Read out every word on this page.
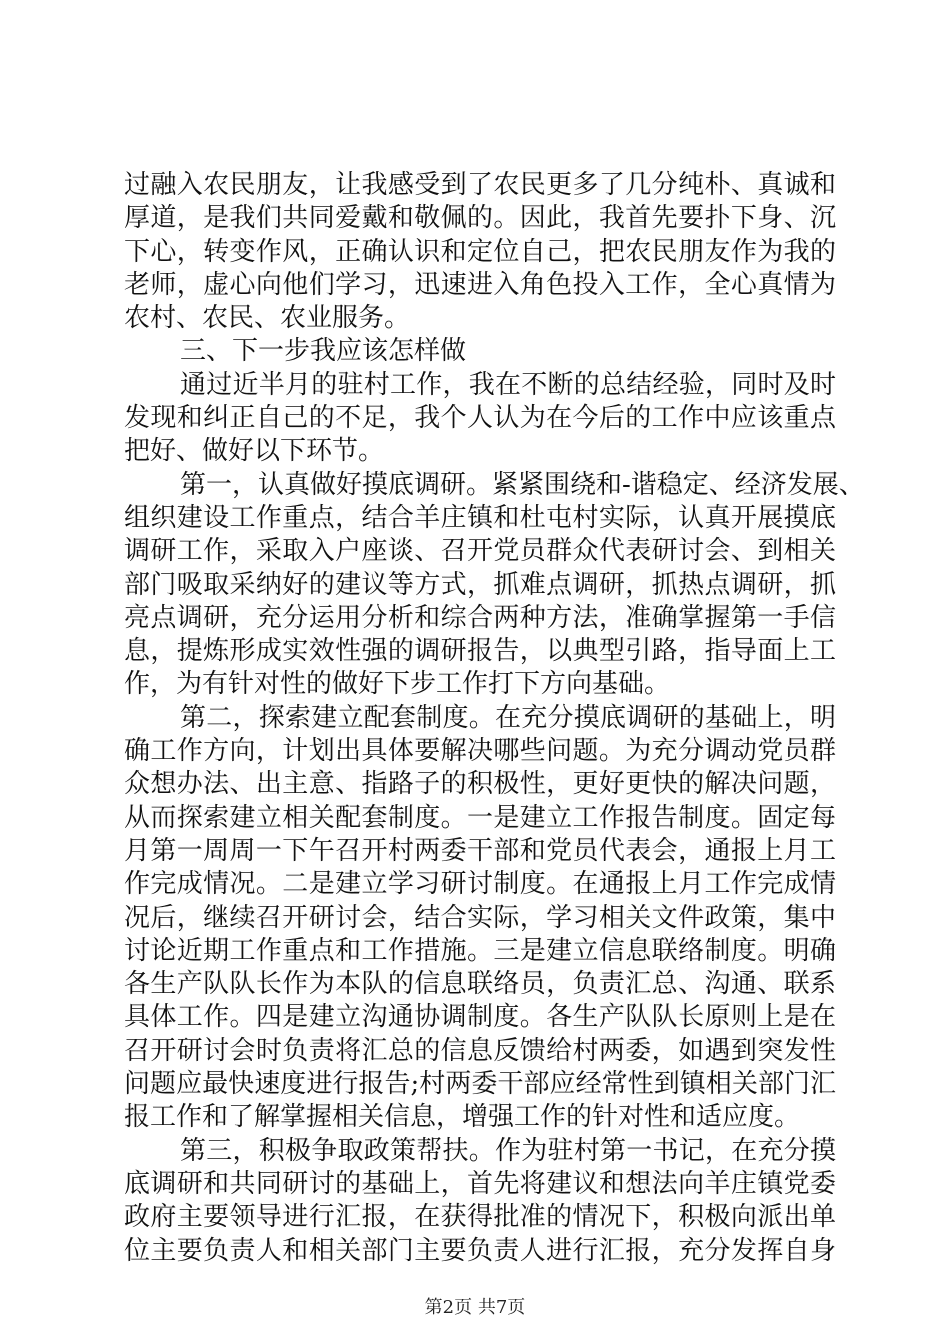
过融入农民朋友，让我感受到了农民更多了几分纯朴、真诚和
厚道，是我们共同爱戴和敬佩的。因此，我首先要扑下身、沉
下心，转变作风，正确认识和定位自己，把农民朋友作为我的
老师，虚心向他们学习，迅速进入角色投入工作，全心真情为
农村、农民、农业服务。
三、下一步我应该怎样做
通过近半月的驻村工作，我在不断的总结经验，同时及时
发现和纠正自己的不足，我个人认为在今后的工作中应该重点
把好、做好以下环节。
第一，认真做好摸底调研。紧紧围绕和-谐稳定、经济发展、
组织建设工作重点，结合羊庄镇和杜屯村实际，认真开展摸底
调研工作，采取入户座谈、召开党员群众代表研讨会、到相关
部门吸取采纳好的建议等方式，抓难点调研，抓热点调研，抓
亮点调研，充分运用分析和综合两种方法，准确掌握第一手信
息，提炼形成实效性强的调研报告，以典型引路，指导面上工
作，为有针对性的做好下步工作打下方向基础。
第二，探索建立配套制度。在充分摸底调研的基础上，明
确工作方向，计划出具体要解决哪些问题。为充分调动党员群
众想办法、出主意、指路子的积极性，更好更快的解决问题，
从而探索建立相关配套制度。一是建立工作报告制度。固定每
月第一周周一下午召开村两委干部和党员代表会，通报上月工
作完成情况。二是建立学习研讨制度。在通报上月工作完成情
况后，继续召开研讨会，结合实际，学习相关文件政策，集中
讨论近期工作重点和工作措施。三是建立信息联络制度。明确
各生产队队长作为本队的信息联络员，负责汇总、沟通、联系
具体工作。四是建立沟通协调制度。各生产队队长原则上是在
召开研讨会时负责将汇总的信息反馈给村两委，如遇到突发性
问题应最快速度进行报告;村两委干部应经常性到镇相关部门汇
报工作和了解掌握相关信息，增强工作的针对性和适应度。
第三，积极争取政策帮扶。作为驻村第一书记，在充分摸
底调研和共同研讨的基础上，首先将建议和想法向羊庄镇党委
政府主要领导进行汇报，在获得批准的情况下，积极向派出单
位主要负责人和相关部门主要负责人进行汇报，充分发挥自身
第2页 共7页
